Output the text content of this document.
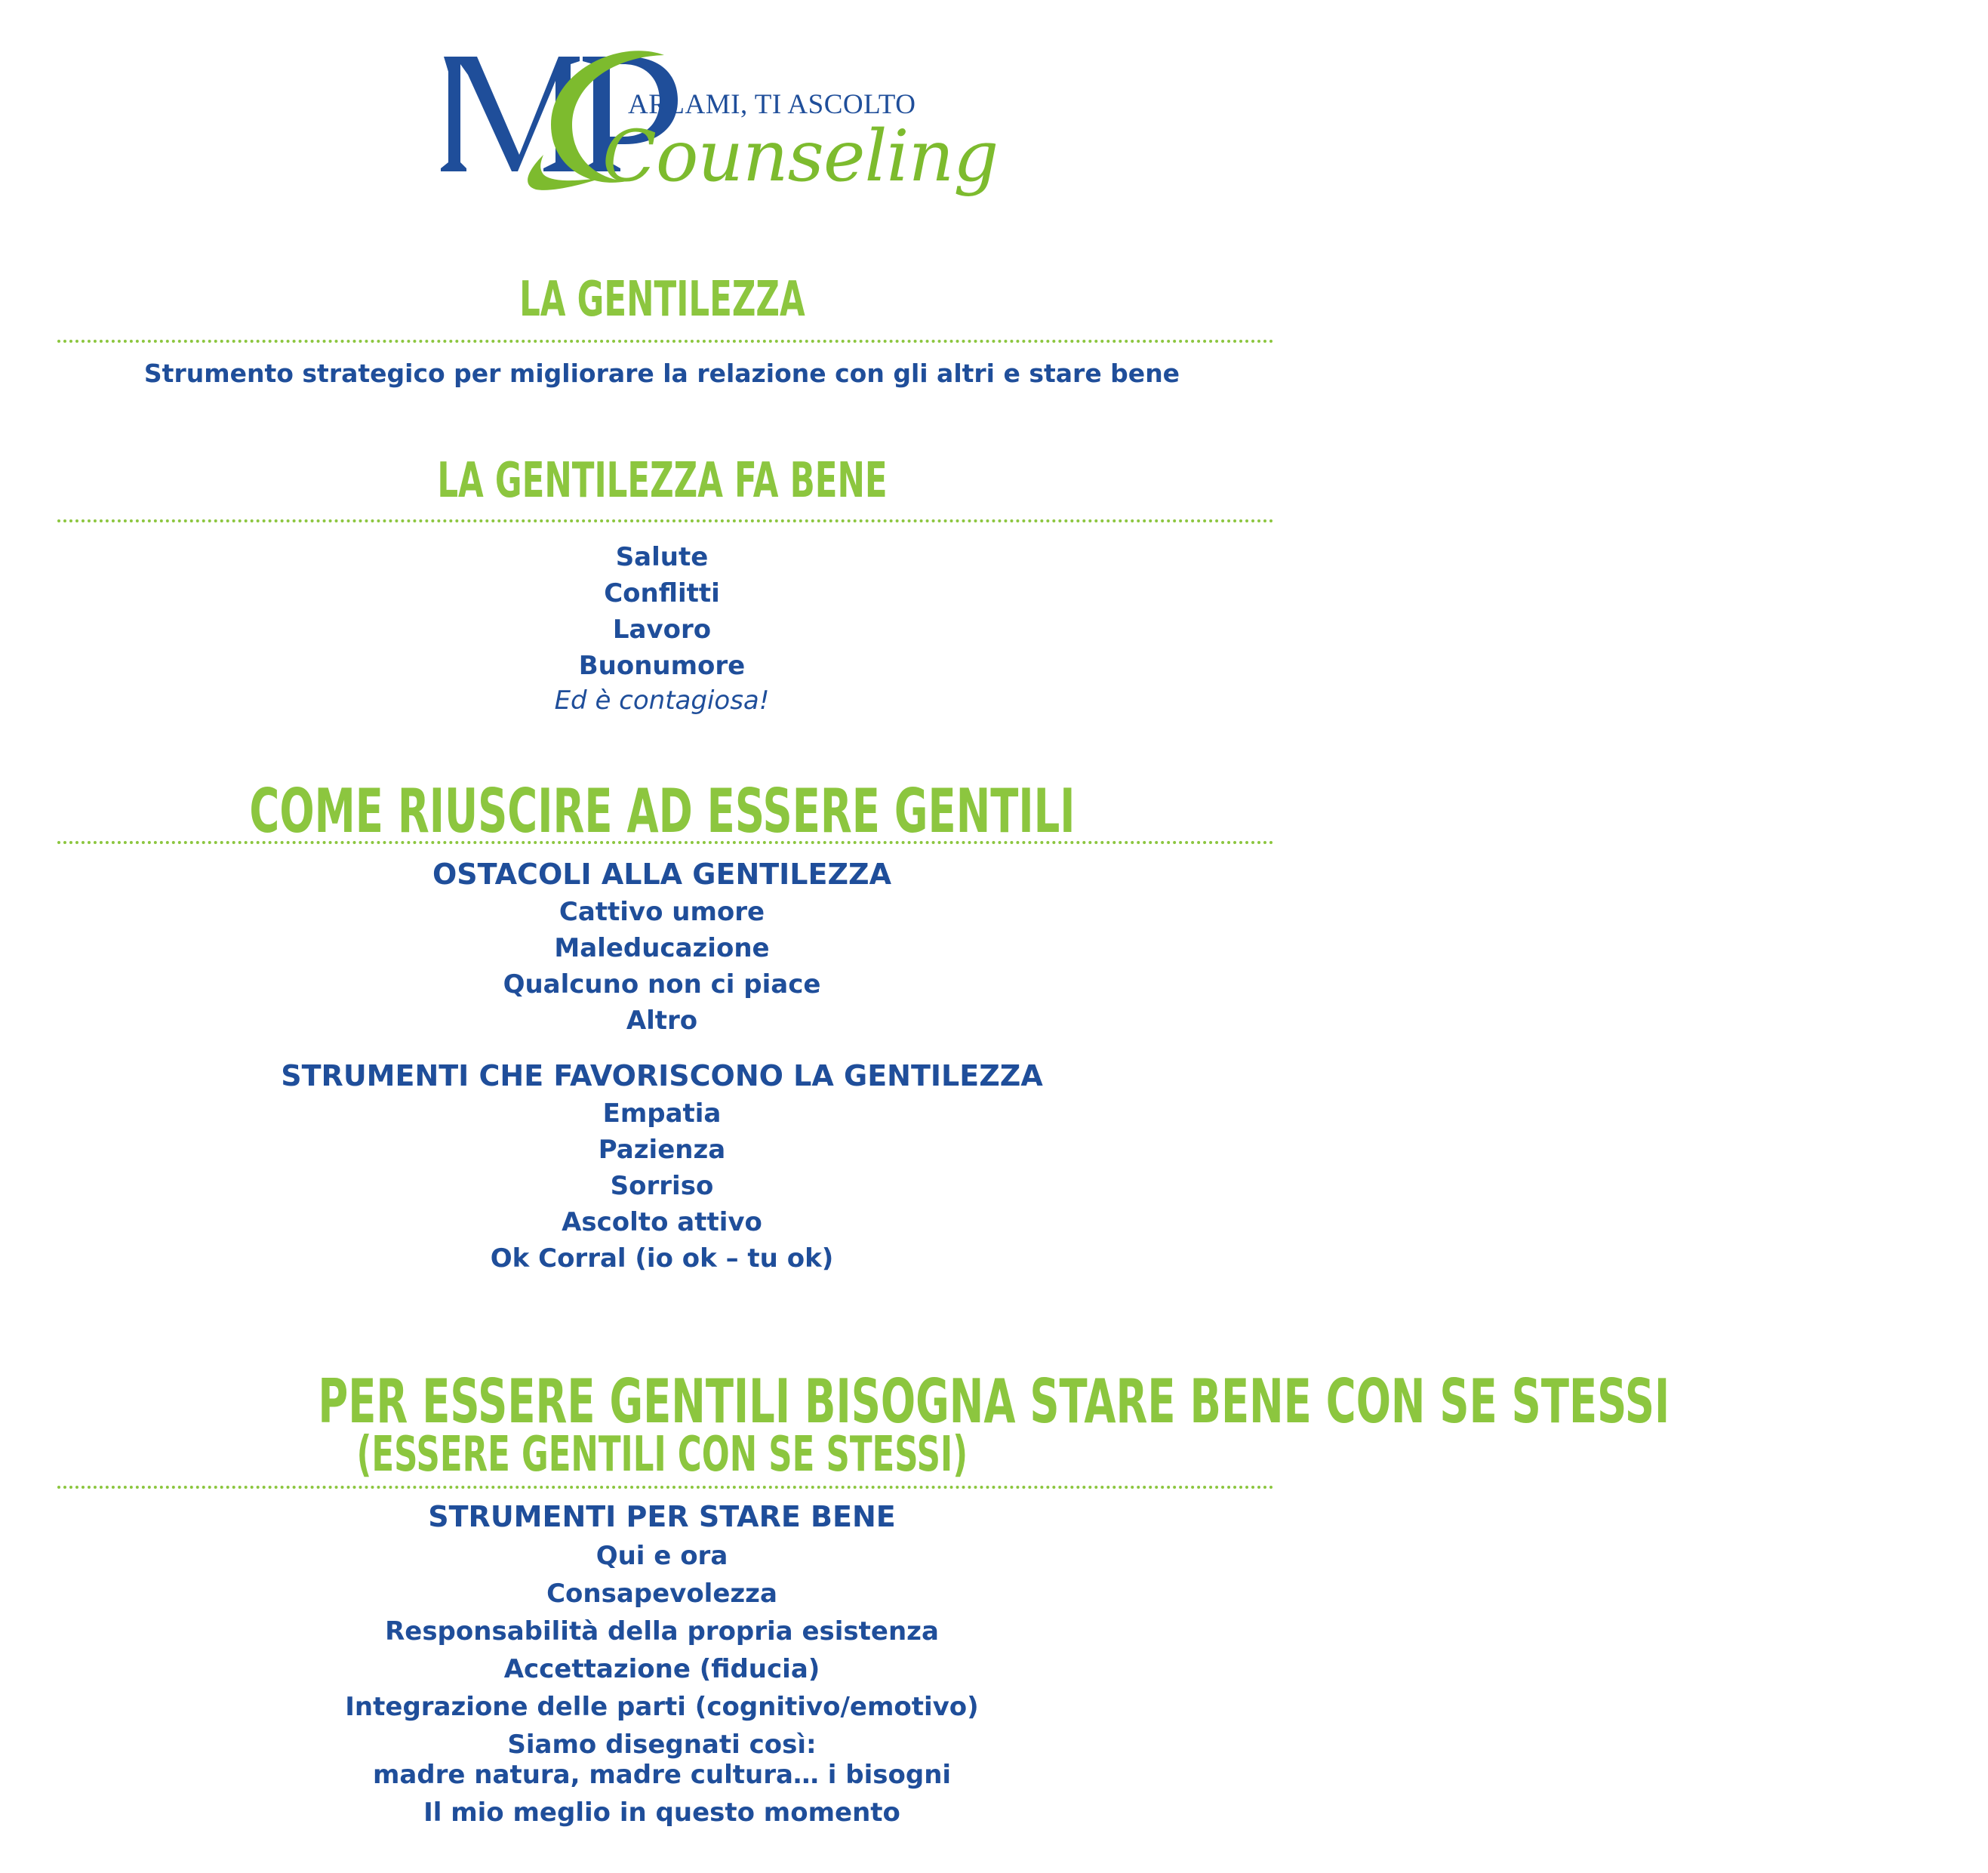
ARLAMI, TI ASCOLTO
Counseling
LA GENTILEZZA
Strumento strategico per migliorare la relazione con gli altri e stare bene
LA GENTILEZZA FA BENE
Salute
Conflitti
Lavoro
Buonumore
Ed è contagiosa!
COME RIUSCIRE AD ESSERE GENTILI
OSTACOLI ALLA GENTILEZZA
Cattivo umore
Maleducazione
Qualcuno non ci piace
Altro
STRUMENTI CHE FAVORISCONO LA GENTILEZZA
Empatia
Pazienza
Sorriso
Ascolto attivo
Ok Corral (io ok – tu ok)
PER ESSERE GENTILI BISOGNA STARE BENE CON SE STESSI
(ESSERE GENTILI CON SE STESSI)
STRUMENTI PER STARE BENE
Qui e ora
Consapevolezza
Responsabilità della propria esistenza
Accettazione (fiducia)
Integrazione delle parti (cognitivo/emotivo)
Siamo disegnati così:
madre natura, madre cultura… i bisogni
Il mio meglio in questo momento
